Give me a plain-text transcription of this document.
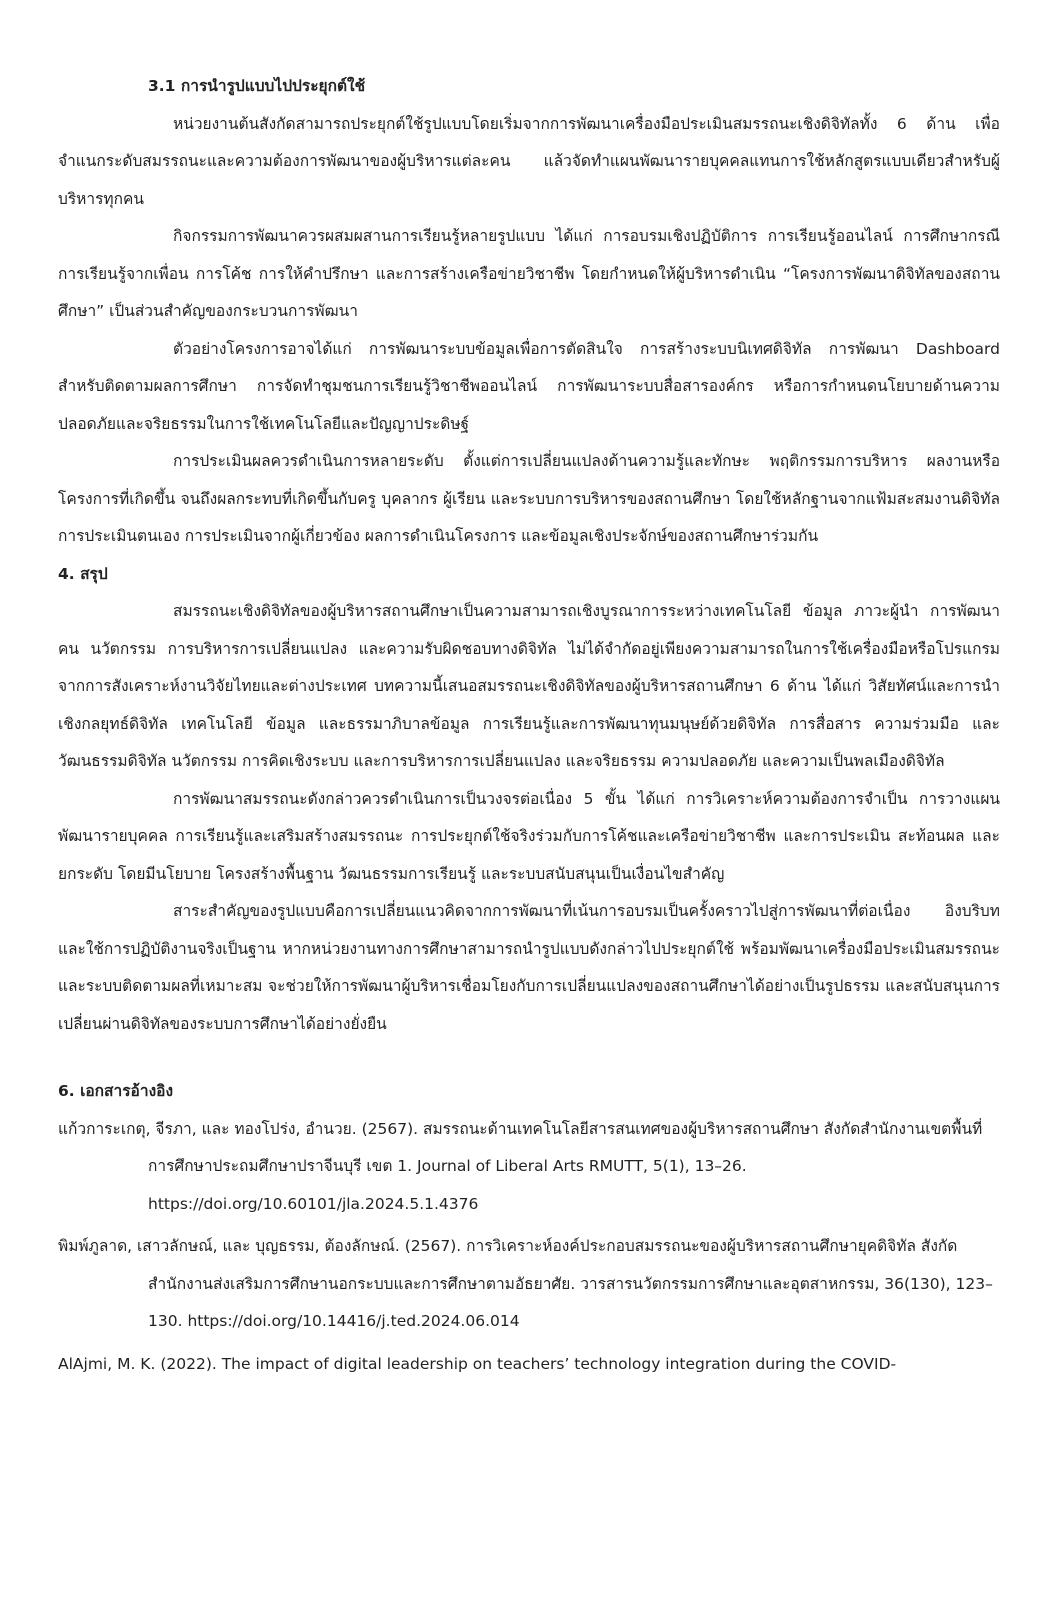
3.1 การนำรูปแบบไปประยุกต์ใช้

หน่วยงานต้นสังกัดสามารถประยุกต์ใช้รูปแบบโดยเริ่มจากการพัฒนาเครื่องมือประเมินสมรรถนะเชิงดิจิทัลทั้ง 6 ด้าน เพื่อจำแนกระดับสมรรถนะและความต้องการพัฒนาของผู้บริหารแต่ละคน แล้วจัดทำแผนพัฒนารายบุคคลแทนการใช้หลักสูตรแบบเดียวสำหรับผู้บริหารทุกคน

กิจกรรมการพัฒนาควรผสมผสานการเรียนรู้หลายรูปแบบ ได้แก่ การอบรมเชิงปฏิบัติการ การเรียนรู้ออนไลน์ การศึกษากรณี การเรียนรู้จากเพื่อน การโค้ช การให้คำปรึกษา และการสร้างเครือข่ายวิชาชีพ โดยกำหนดให้ผู้บริหารดำเนิน “โครงการพัฒนาดิจิทัลของสถานศึกษา” เป็นส่วนสำคัญของกระบวนการพัฒนา

ตัวอย่างโครงการอาจได้แก่ การพัฒนาระบบข้อมูลเพื่อการตัดสินใจ การสร้างระบบนิเทศดิจิทัล การพัฒนา Dashboard สำหรับติดตามผลการศึกษา การจัดทำชุมชนการเรียนรู้วิชาชีพออนไลน์ การพัฒนาระบบสื่อสารองค์กร หรือการกำหนดนโยบายด้านความปลอดภัยและจริยธรรมในการใช้เทคโนโลยีและปัญญาประดิษฐ์

การประเมินผลควรดำเนินการหลายระดับ ตั้งแต่การเปลี่ยนแปลงด้านความรู้และทักษะ พฤติกรรมการบริหาร ผลงานหรือโครงการที่เกิดขึ้น จนถึงผลกระทบที่เกิดขึ้นกับครู บุคลากร ผู้เรียน และระบบการบริหารของสถานศึกษา โดยใช้หลักฐานจากแฟ้มสะสมงานดิจิทัล การประเมินตนเอง การประเมินจากผู้เกี่ยวข้อง ผลการดำเนินโครงการ และข้อมูลเชิงประจักษ์ของสถานศึกษาร่วมกัน

4. สรุป

สมรรถนะเชิงดิจิทัลของผู้บริหารสถานศึกษาเป็นความสามารถเชิงบูรณาการระหว่างเทคโนโลยี ข้อมูล ภาวะผู้นำ การพัฒนาคน นวัตกรรม การบริหารการเปลี่ยนแปลง และความรับผิดชอบทางดิจิทัล ไม่ได้จำกัดอยู่เพียงความสามารถในการใช้เครื่องมือหรือโปรแกรม จากการสังเคราะห์งานวิจัยไทยและต่างประเทศ บทความนี้เสนอสมรรถนะเชิงดิจิทัลของผู้บริหารสถานศึกษา 6 ด้าน ได้แก่ วิสัยทัศน์และการนำเชิงกลยุทธ์ดิจิทัล เทคโนโลยี ข้อมูล และธรรมาภิบาลข้อมูล การเรียนรู้และการพัฒนาทุนมนุษย์ด้วยดิจิทัล การสื่อสาร ความร่วมมือ และวัฒนธรรมดิจิทัล นวัตกรรม การคิดเชิงระบบ และการบริหารการเปลี่ยนแปลง และจริยธรรม ความปลอดภัย และความเป็นพลเมืองดิจิทัล

การพัฒนาสมรรถนะดังกล่าวควรดำเนินการเป็นวงจรต่อเนื่อง 5 ขั้น ได้แก่ การวิเคราะห์ความต้องการจำเป็น การวางแผนพัฒนารายบุคคล การเรียนรู้และเสริมสร้างสมรรถนะ การประยุกต์ใช้จริงร่วมกับการโค้ชและเครือข่ายวิชาชีพ และการประเมิน สะท้อนผล และยกระดับ โดยมีนโยบาย โครงสร้างพื้นฐาน วัฒนธรรมการเรียนรู้ และระบบสนับสนุนเป็นเงื่อนไขสำคัญ

สาระสำคัญของรูปแบบคือการเปลี่ยนแนวคิดจากการพัฒนาที่เน้นการอบรมเป็นครั้งคราวไปสู่การพัฒนาที่ต่อเนื่อง อิงบริบท และใช้การปฏิบัติงานจริงเป็นฐาน หากหน่วยงานทางการศึกษาสามารถนำรูปแบบดังกล่าวไปประยุกต์ใช้ พร้อมพัฒนาเครื่องมือประเมินสมรรถนะและระบบติดตามผลที่เหมาะสม จะช่วยให้การพัฒนาผู้บริหารเชื่อมโยงกับการเปลี่ยนแปลงของสถานศึกษาได้อย่างเป็นรูปธรรม และสนับสนุนการเปลี่ยนผ่านดิจิทัลของระบบการศึกษาได้อย่างยั่งยืน

6. เอกสารอ้างอิง

แก้วการะเกตุ, จีรภา, และ ทองโปร่ง, อำนวย. (2567). สมรรถนะด้านเทคโนโลยีสารสนเทศของผู้บริหารสถานศึกษา สังกัดสำนักงานเขตพื้นที่การศึกษาประถมศึกษาปราจีนบุรี เขต 1. Journal of Liberal Arts RMUTT, 5(1), 13–26. https://doi.org/10.60101/jla.2024.5.1.4376

พิมพ์ภูลาด, เสาวลักษณ์, และ บุญธรรม, ต้องลักษณ์. (2567). การวิเคราะห์องค์ประกอบสมรรถนะของผู้บริหารสถานศึกษายุคดิจิทัล สังกัดสำนักงานส่งเสริมการศึกษานอกระบบและการศึกษาตามอัธยาศัย. วารสารนวัตกรรมการศึกษาและอุตสาหกรรม, 36(130), 123–130. https://doi.org/10.14416/j.ted.2024.06.014

AlAjmi, M. K. (2022). The impact of digital leadership on teachers’ technology integration during the COVID-
